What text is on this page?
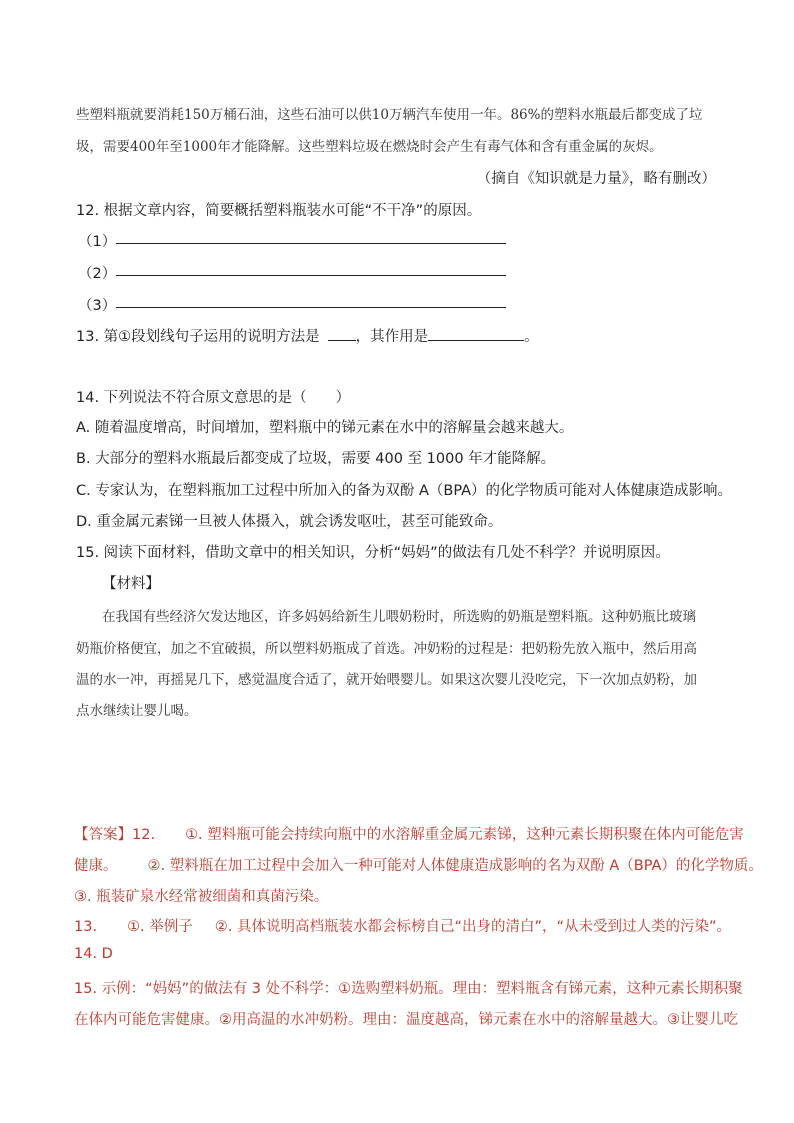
些塑料瓶就要消耗150万桶石油，这些石油可以供10万辆汽车使用一年。86%的塑料水瓶最后都变成了垃
圾，需要400年至1000年才能降解。这些塑料垃圾在燃烧时会产生有毒气体和含有重金属的灰烬。
（摘自《知识就是力量》，略有删改）
12. 根据文章内容，简要概括塑料瓶装水可能“不干净”的原因。
（1）
（2）
（3）
13. 第①段划线句子运用的说明方法是 ，其作用是	。
14. 下列说法不符合原文意思的是（　　）
A. 随着温度增高，时间增加，塑料瓶中的锑元素在水中的溶解量会越来越大。
B. 大部分的塑料水瓶最后都变成了垃圾，需要 400 至 1000 年才能降解。
C. 专家认为，在塑料瓶加工过程中所加入的备为双酚 A（BPA）的化学物质可能对人体健康造成影响。
D. 重金属元素锑一旦被人体摄入，就会诱发呕吐，甚至可能致命。
15. 阅读下面材料，借助文章中的相关知识，分析“妈妈”的做法有几处不科学？并说明原因。
【材料】
在我国有些经济欠发达地区，许多妈妈给新生儿喂奶粉时，所选购的奶瓶是塑料瓶。这种奶瓶比玻璃
奶瓶价格便宜，加之不宜破损，所以塑料奶瓶成了首选。冲奶粉的过程是：把奶粉先放入瓶中，然后用高
温的水一冲，再摇晃几下，感觉温度合适了，就开始喂婴儿。如果这次婴儿没吃完，下一次加点奶粉，加
点水继续让婴儿喝。
【答案】12. ①. 塑料瓶可能会持续向瓶中的水溶解重金属元素锑，这种元素长期积聚在体内可能危害
健康。 ②. 塑料瓶在加工过程中会加入一种可能对人体健康造成影响的名为双酚 A（BPA）的化学物质。
③. 瓶装矿泉水经常被细菌和真菌污染。
13. ①. 举例子 ②. 具体说明高档瓶装水都会标榜自己“出身的清白”，“从未受到过人类的污染”。
14. D
15. 示例：“妈妈”的做法有 3 处不科学：①选购塑料奶瓶。理由：塑料瓶含有锑元素，这种元素长期积聚
在体内可能危害健康。②用高温的水冲奶粉。理由：温度越高，锑元素在水中的溶解量越大。③让婴儿吃
